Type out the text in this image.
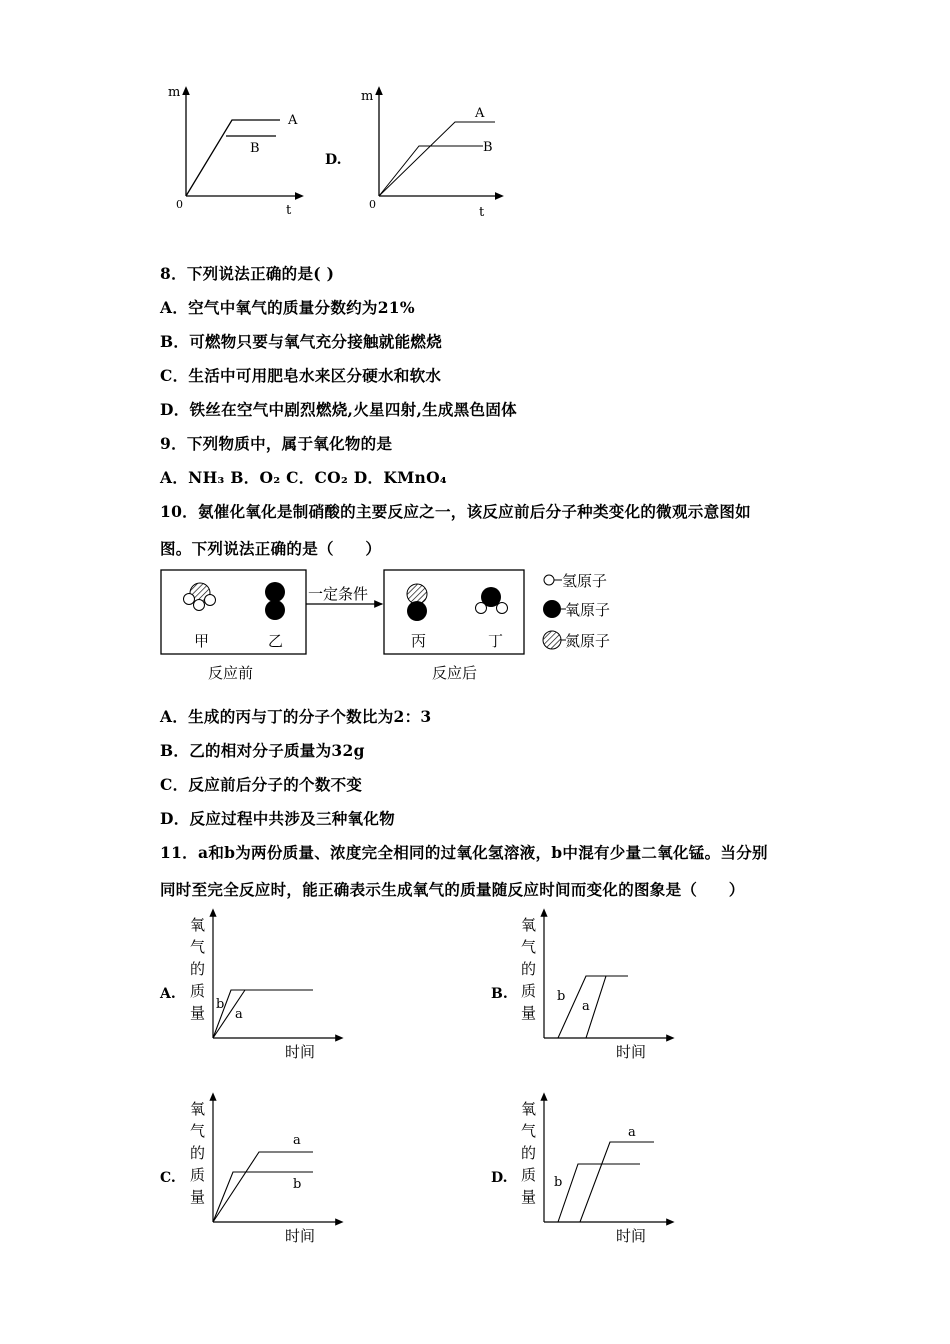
m
t
0
A
B
D.
m
t
0
A
B
8．下列说法正确的是( )
A．空气中氧气的质量分数约为21%
B．可燃物只要与氧气充分接触就能燃烧
C．生活中可用肥皂水来区分硬水和软水
D．铁丝在空气中剧烈燃烧,火星四射,生成黑色固体
9．下列物质中，属于氧化物的是
A．NH₃ B．O₂ C．CO₂ D．KMnO₄
10．氨催化氧化是制硝酸的主要反应之一，该反应前后分子种类变化的微观示意图如
图。下列说法正确的是（　　）
甲	乙
反应前
一定条件
丙	丁
反应后
氢原子
氧原子
氮原子
A．生成的丙与丁的分子个数比为2：3
B．乙的相对分子质量为32g
C．反应前后分子的个数不变
D．反应过程中共涉及三种氧化物
11．a和b为两份质量、浓度完全相同的过氧化氢溶液，b中混有少量二氧化锰。当分别
同时至完全反应时，能正确表示生成氧气的质量随反应时间而变化的图象是（　　）
A.
氧
气
的
质
量
时间
b
a
B.
氧
气
的
质
量
时间
b
a
C.
氧
气
的
质
量
时间
a
b	D.
氧
气
的
质
量
时间
b
a
